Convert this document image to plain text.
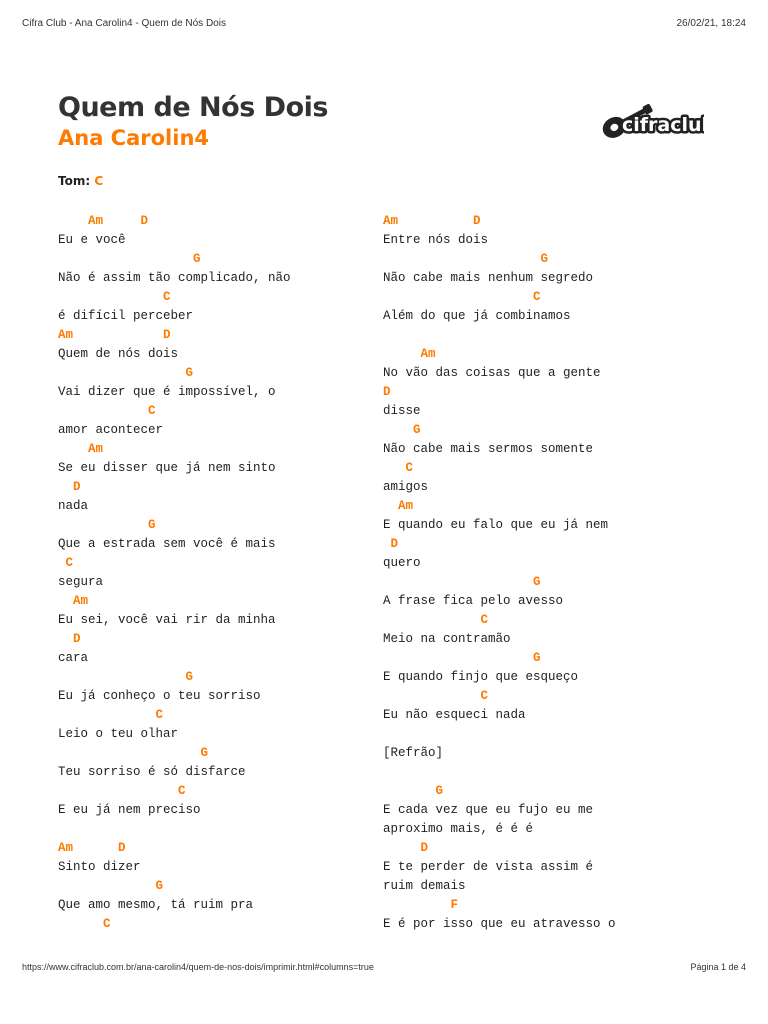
Cifra Club - Ana Carolin4 - Quem de Nós Dois	26/02/21, 18:24
Quem de Nós Dois
Ana Carolin4
cifraclu
cifraclu
Tom: C
Am     D
Eu e você
G
Não é assim tão complicado, não
C
é difícil perceber
Am            D
Quem de nós dois
G
Vai dizer que é impossível, o
C
amor acontecer
Am
Se eu disser que já nem sinto
D
nada
G
Que a estrada sem você é mais
C
segura
Am
Eu sei, você vai rir da minha
D
cara
G
Eu já conheço o teu sorriso
C
Leio o teu olhar
G
Teu sorriso é só disfarce
C
E eu já nem preciso
Am      D
Sinto dizer
G
Que amo mesmo, tá ruim pra
C
Am          D
Entre nós dois
G
Não cabe mais nenhum segredo
C
Além do que já combinamos
Am
No vão das coisas que a gente
D
disse
G
Não cabe mais sermos somente
C
amigos
Am
E quando eu falo que eu já nem
D
quero
G
A frase fica pelo avesso
C
Meio na contramão
G
E quando finjo que esqueço
C
Eu não esqueci nada
[Refrão]
G
E cada vez que eu fujo eu me
aproximo mais, é é é
D
E te perder de vista assim é
ruim demais
F
E é por isso que eu atravesso o
https://www.cifraclub.com.br/ana-carolin4/quem-de-nos-dois/imprimir.html#columns=true	Página 1 de 4
